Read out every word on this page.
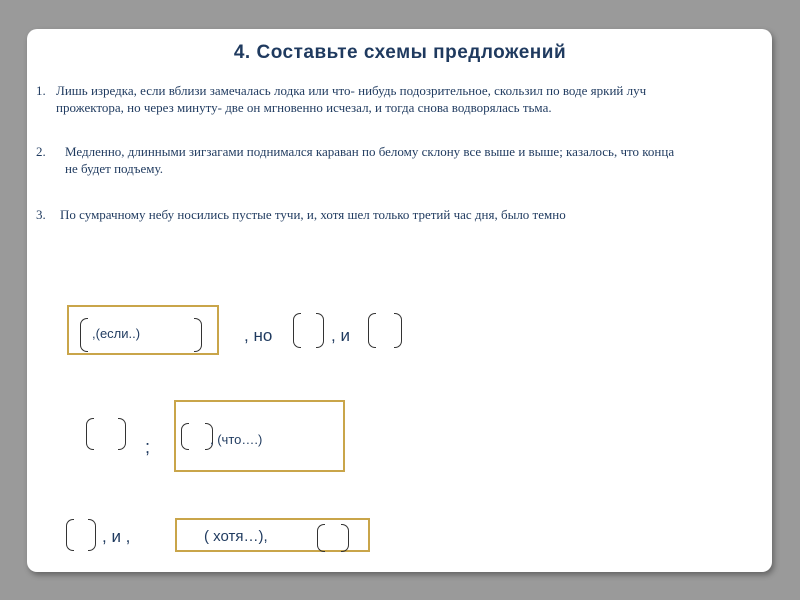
4. Составьте схемы предложений
1. Лишь изредка, если вблизи замечалась лодка или что- нибудь подозрительное, скользил по воде яркий луч прожектора, но через минуту- две он мгновенно исчезал, и тогда снова водворялась тьма.
2. Медленно, длинными зигзагами поднимался караван по белому склону все выше и выше; казалось, что конца не будет подъему.
3. По сумрачному небу носились пустые тучи, и, хотя шел только третий час дня, было темно
,(если..)	, но	, и
;	, (что….)
, и ,	( хотя…),
